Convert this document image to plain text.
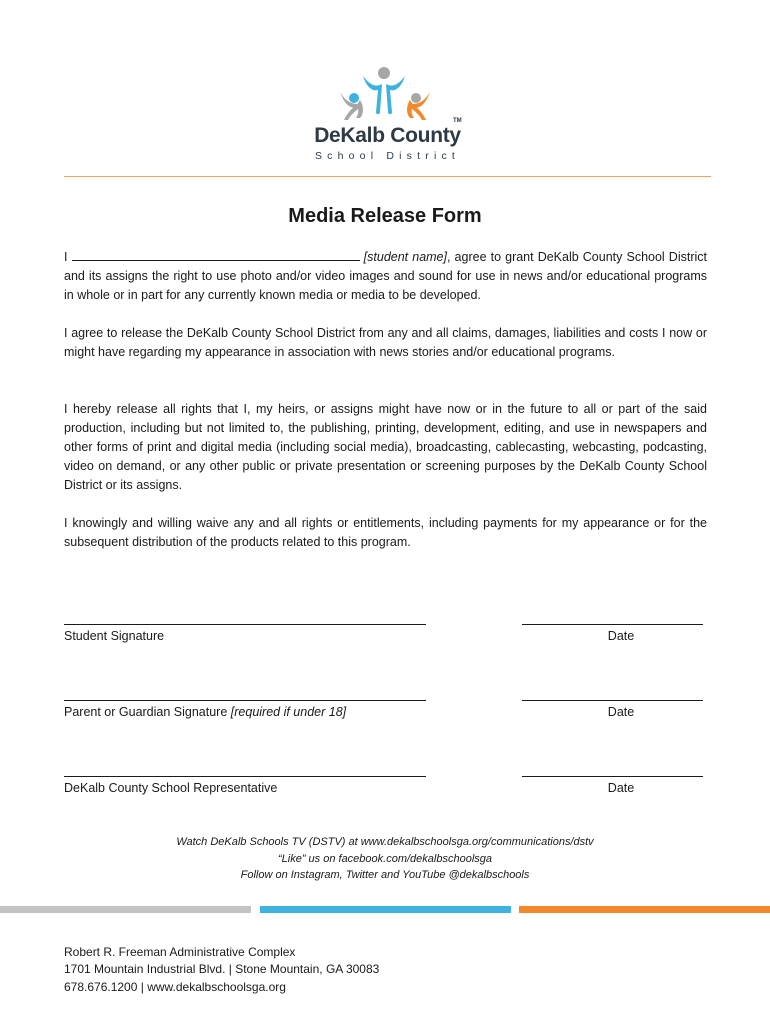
TM
DeKalb County
School District
Media Release Form
I	[student name], agree to grant DeKalb County School District and its assigns the right to use photo and/or video images and sound for use in news and/or educational programs in whole or in part for any currently known media or media to be developed.
I agree to release the DeKalb County School District from any and all claims, damages, liabilities and costs I now or might have regarding my appearance in association with news stories and/or educational programs.
I hereby release all rights that I, my heirs, or assigns might have now or in the future to all or part of the said production, including but not limited to, the publishing, printing, development, editing, and use in newspapers and other forms of print and digital media (including social media), broadcasting, cablecasting, webcasting, podcasting, video on demand, or any other public or private presentation or screening purposes by the DeKalb County School District or its assigns.
I knowingly and willing waive any and all rights or entitlements, including payments for my appearance or for the subsequent distribution of the products related to this program.
Student Signature	Date
Parent or Guardian Signature [required if under 18]	Date
DeKalb County School Representative	Date
Watch DeKalb Schools TV (DSTV) at www.dekalbschoolsga.org/communications/dstv
“Like” us on facebook.com/dekalbschoolsga
Follow on Instagram, Twitter and YouTube @dekalbschools
Robert R. Freeman Administrative Complex
1701 Mountain Industrial Blvd. | Stone Mountain, GA 30083
678.676.1200 | www.dekalbschoolsga.org
